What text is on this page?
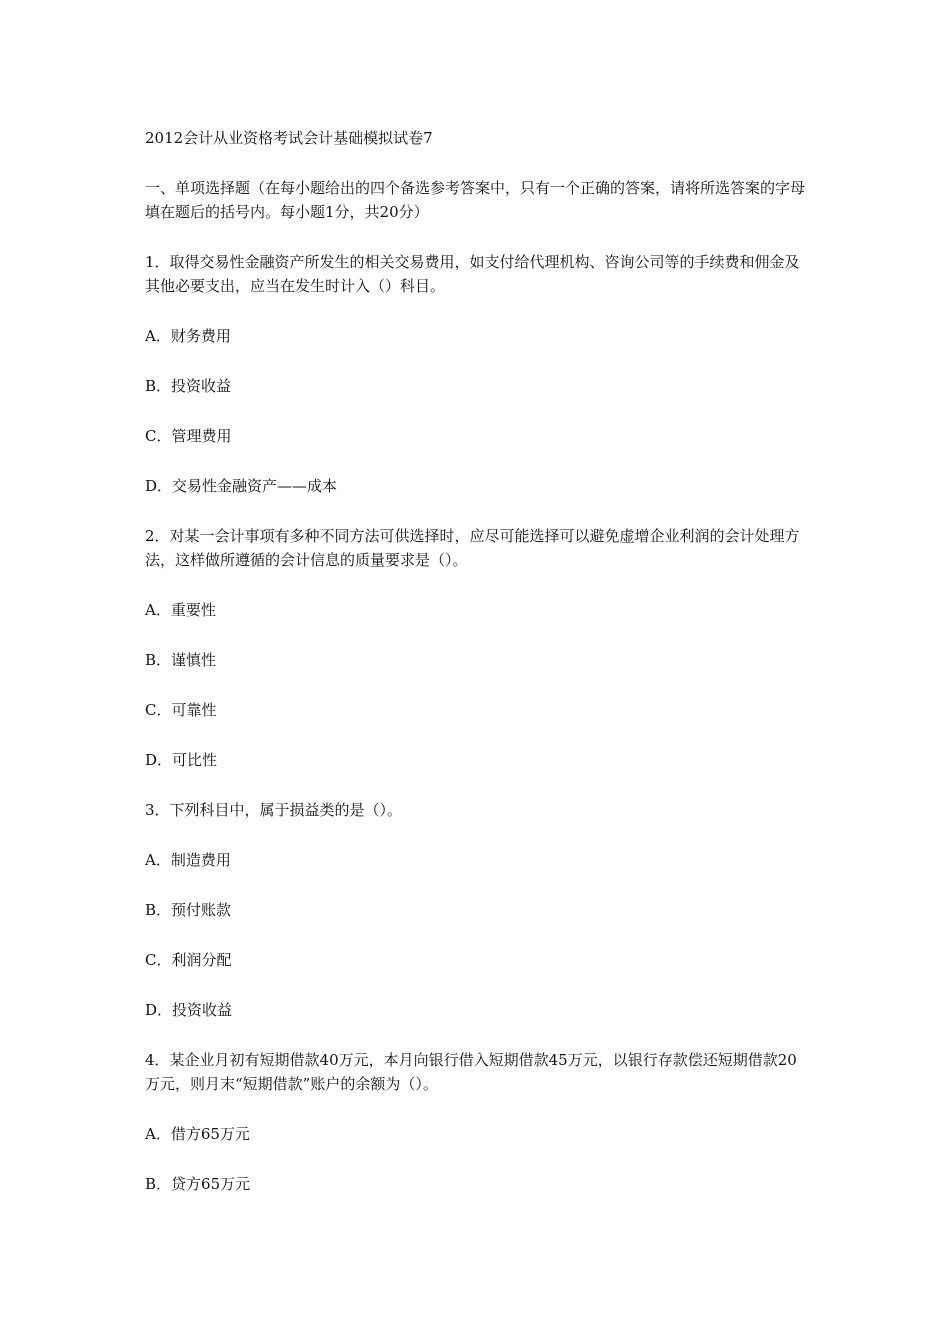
2012会计从业资格考试会计基础模拟试卷7

一、单项选择题（在每小题给出的四个备选参考答案中，只有一个正确的答案，请将所选答案的字母填在题后的括号内。每小题1分，共20分）

1．取得交易性金融资产所发生的相关交易费用，如支付给代理机构、咨询公司等的手续费和佣金及其他必要支出，应当在发生时计入（）科目。

A．财务费用

B．投资收益

C．管理费用

D．交易性金融资产——成本

2．对某一会计事项有多种不同方法可供选择时，应尽可能选择可以避免虚增企业利润的会计处理方法，这样做所遵循的会计信息的质量要求是（）。

A．重要性

B．谨慎性

C．可靠性

D．可比性

3．下列科目中，属于损益类的是（）。

A．制造费用

B．预付账款

C．利润分配

D．投资收益

4．某企业月初有短期借款40万元，本月向银行借入短期借款45万元，以银行存款偿还短期借款20万元，则月末“短期借款”账户的余额为（）。

A．借方65万元

B．贷方65万元
